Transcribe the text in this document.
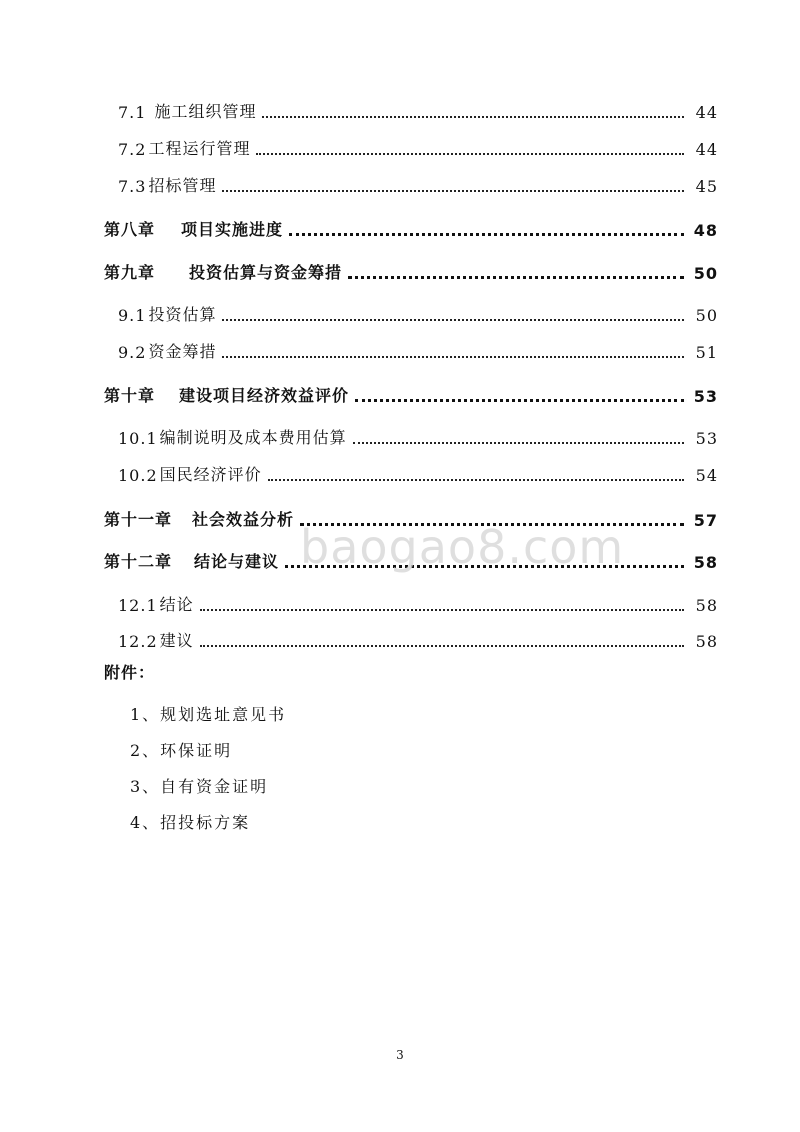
7.1 施工组织管理	44
7.2 工程运行管理	44
7.3 招标管理	45
第八章 项目实施进度	48
第九章 投资估算与资金筹措	50
9.1 投资估算	50
9.2 资金筹措	51
第十章 建设项目经济效益评价	53
10.1 编制说明及成本费用估算	53
10.2 国民经济评价	54
第十一章 社会效益分析	57
第十二章 结论与建议	58
12.1 结论	58
12.2 建议	58
附件：
1、规划选址意见书
2、环保证明
3、自有资金证明
4、招投标方案
baogao8.com
3
